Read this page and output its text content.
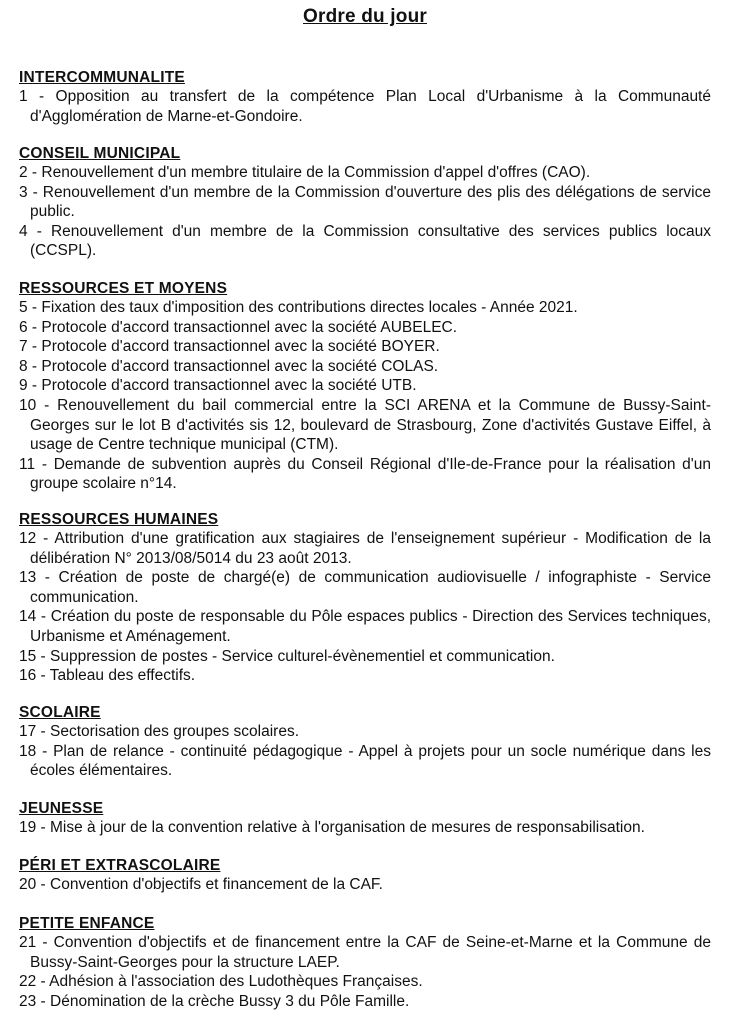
Ordre du jour
INTERCOMMUNALITE
1 - Opposition au transfert de la compétence Plan Local d'Urbanisme à la Communauté d'Agglomération de Marne-et-Gondoire.
CONSEIL MUNICIPAL
2 - Renouvellement d'un membre titulaire de la Commission d'appel d'offres (CAO).
3 - Renouvellement d'un membre de la Commission d'ouverture des plis des délégations de service public.
4 - Renouvellement d'un membre de la Commission consultative des services publics locaux (CCSPL).
RESSOURCES ET MOYENS
5 - Fixation des taux d'imposition des contributions directes locales - Année 2021.
6 - Protocole d'accord transactionnel avec la société AUBELEC.
7 - Protocole d'accord transactionnel avec la société BOYER.
8 - Protocole d'accord transactionnel avec la société COLAS.
9 - Protocole d'accord transactionnel avec la société UTB.
10 - Renouvellement du bail commercial entre la SCI ARENA et la Commune de Bussy-Saint-Georges sur le lot B d'activités sis 12, boulevard de Strasbourg, Zone d'activités Gustave Eiffel, à usage de Centre technique municipal (CTM).
11 - Demande de subvention auprès du Conseil Régional d'Ile-de-France pour la réalisation d'un groupe scolaire n°14.
RESSOURCES HUMAINES
12 - Attribution d'une gratification aux stagiaires de l'enseignement supérieur - Modification de la délibération N° 2013/08/5014 du 23 août 2013.
13 - Création de poste de chargé(e) de communication audiovisuelle / infographiste - Service communication.
14 - Création du poste de responsable du Pôle espaces publics - Direction des Services techniques, Urbanisme et Aménagement.
15 - Suppression de postes - Service culturel-évènementiel et communication.
16 - Tableau des effectifs.
SCOLAIRE
17 - Sectorisation des groupes scolaires.
18 - Plan de relance - continuité pédagogique - Appel à projets pour un socle numérique dans les écoles élémentaires.
JEUNESSE
19 - Mise à jour de la convention relative à l'organisation de mesures de responsabilisation.
PÉRI ET EXTRASCOLAIRE
20 - Convention d'objectifs et financement de la CAF.
PETITE ENFANCE
21 - Convention d'objectifs et de financement entre la CAF de Seine-et-Marne et la Commune de Bussy-Saint-Georges pour la structure LAEP.
22 - Adhésion à l'association des Ludothèques Françaises.
23 - Dénomination de la crèche Bussy 3 du Pôle Famille.
